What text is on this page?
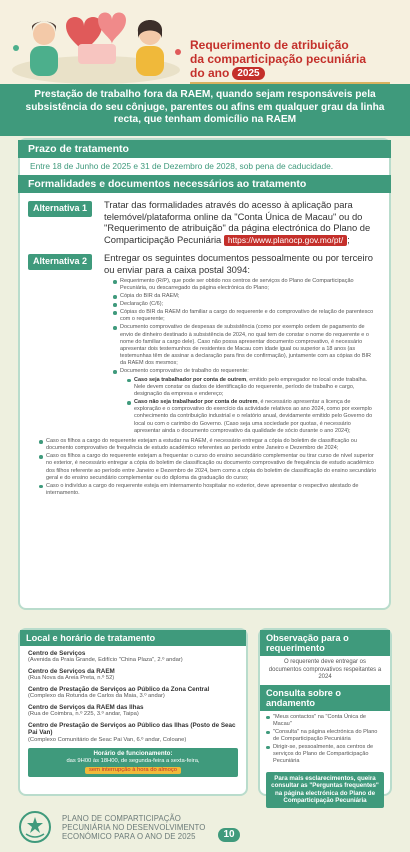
Requerimento de atribuição
da comparticipação pecuniária
do ano 2025
Prestação de trabalho fora da RAEM, quando sejam responsáveis pela subsistência do seu cônjuge, parentes ou afins em qualquer grau da linha recta, que tenham domicílio na RAEM
Prazo de tratamento
Entre 18 de Junho de 2025 e 31 de Dezembro de 2028, sob pena de caducidade.
Formalidades e documentos necessários ao tratamento
Alternativa 1	Tratar das formalidades através do acesso à aplicação para telemóvel/plataforma online da "Conta Única de Macau" ou do "Requerimento de atribuição" da página electrónica do Plano de Comparticipação Pecuniária https://www.planocp.gov.mo/pt/ ;
Alternativa 2	Entregar os seguintes documentos pessoalmente ou por terceiro ou enviar para a caixa postal 3094:
Requerimento (R/P), que pode ser obtido nos centros de serviços do Plano de Comparticipação Pecuniária, ou descarregado da página electrónica do Plano;
Cópia do BIR da RAEM;
Declaração (C/6);
Cópias do BIR da RAEM do familiar a cargo do requerente e do comprovativo de relação de parentesco com o requerente;
Documento comprovativo de despesas de subsistência (como por exemplo ordem de pagamento de envio de dinheiro destinado à subsistência de 2024, no qual tem de constar o nome do requerente e o nome do familiar a cargo dele). Caso não possa apresentar documento comprovativo, é necessário apresentar dois testemunhos de residentes de Macau com idade igual ou superior a 18 anos (as testemunhas têm de assinar a declaração para fins de confirmação), juntamente com as cópias do BIR da RAEM dos mesmos;
Documento comprovativo de trabalho do requerente:
Caso seja trabalhador por conta de outrem, emitido pelo empregador no local onde trabalha. Nele devem constar os dados de identificação do requerente, período de trabalho e cargo, designação da empresa e endereço;
Caso não seja trabalhador por conta de outrem, é necessário apresentar a licença de exploração e o comprovativo do exercício da actividade relativos ao ano 2024, como por exemplo conhecimento da contribuição industrial e o relatório anual, devidamente emitido pelo Governo do local ou com o carimbo do Governo. (Caso seja uma sociedade por quotas, é necessário apresentar ainda o documento comprovativo da qualidade de sócio durante o ano 2024);
Caso os filhos a cargo do requerente estejam a estudar na RAEM, é necessário entregar a cópia do boletim de classificação ou documento comprovativo de frequência de estudo académico referentes ao período entre Janeiro e Dezembro de 2024;
Caso os filhos a cargo do requerente estejam a frequentar o curso do ensino secundário complementar ou tirar curso de nível superior no exterior, é necessário entregar a cópia do boletim de classificação ou documento comprovativo de frequência de estudo académico dos filhos referente ao período entre Janeiro e Dezembro de 2024, bem como a cópia do boletim de classificação do ensino secundário geral e do ensino secundário complementar ou do diploma da graduação do curso;
Caso o indivíduo a cargo do requerente esteja em internamento hospitalar no exterior, deve apresentar o respectivo atestado de internamento.
Local e horário de tratamento
Centro de Serviços
(Avenida da Praia Grande, Edifício "China Plaza", 2.º andar)
Centro de Serviços da RAEM
(Rua Nova da Areia Preta, n.º 52)
Centro de Prestação de Serviços ao Público da Zona Central
(Complexo da Rotunda de Carlos da Maia, 3.º andar)
Centro de Serviços da RAEM das Ilhas
(Rua de Coimbra, n.º 225, 3.º andar, Taipa)
Centro de Prestação de Serviços ao Público das Ilhas (Posto de Seac Pai Van)
(Complexo Comunitário de Seac Pai Van, 6.º andar, Coloane)
Horário de funcionamento:
das 9H00 às 18H00, de segunda-feira a sexta-feira,
sem interrupção à hora do almoço
Observação para o requerimento
O requerente deve entregar os documentos comprovativos respeitantes a 2024
Consulta sobre o andamento
"Meus contactos" na "Conta Única de Macau"
"Consulta" na página electrónica do Plano de Comparticipação Pecuniária
Dirigir-se, pessoalmente, aos centros de serviços do Plano de Comparticipação Pecuniária
Para mais esclarecimentos, queira consultar as "Perguntas frequentes" na página electrónica do Plano de Comparticipação Pecuniária
PLANO DE COMPARTICIPAÇÃO
PECUNIÁRIA NO DESENVOLVIMENTO
ECONÓMICO PARA O ANO DE 2025	10
